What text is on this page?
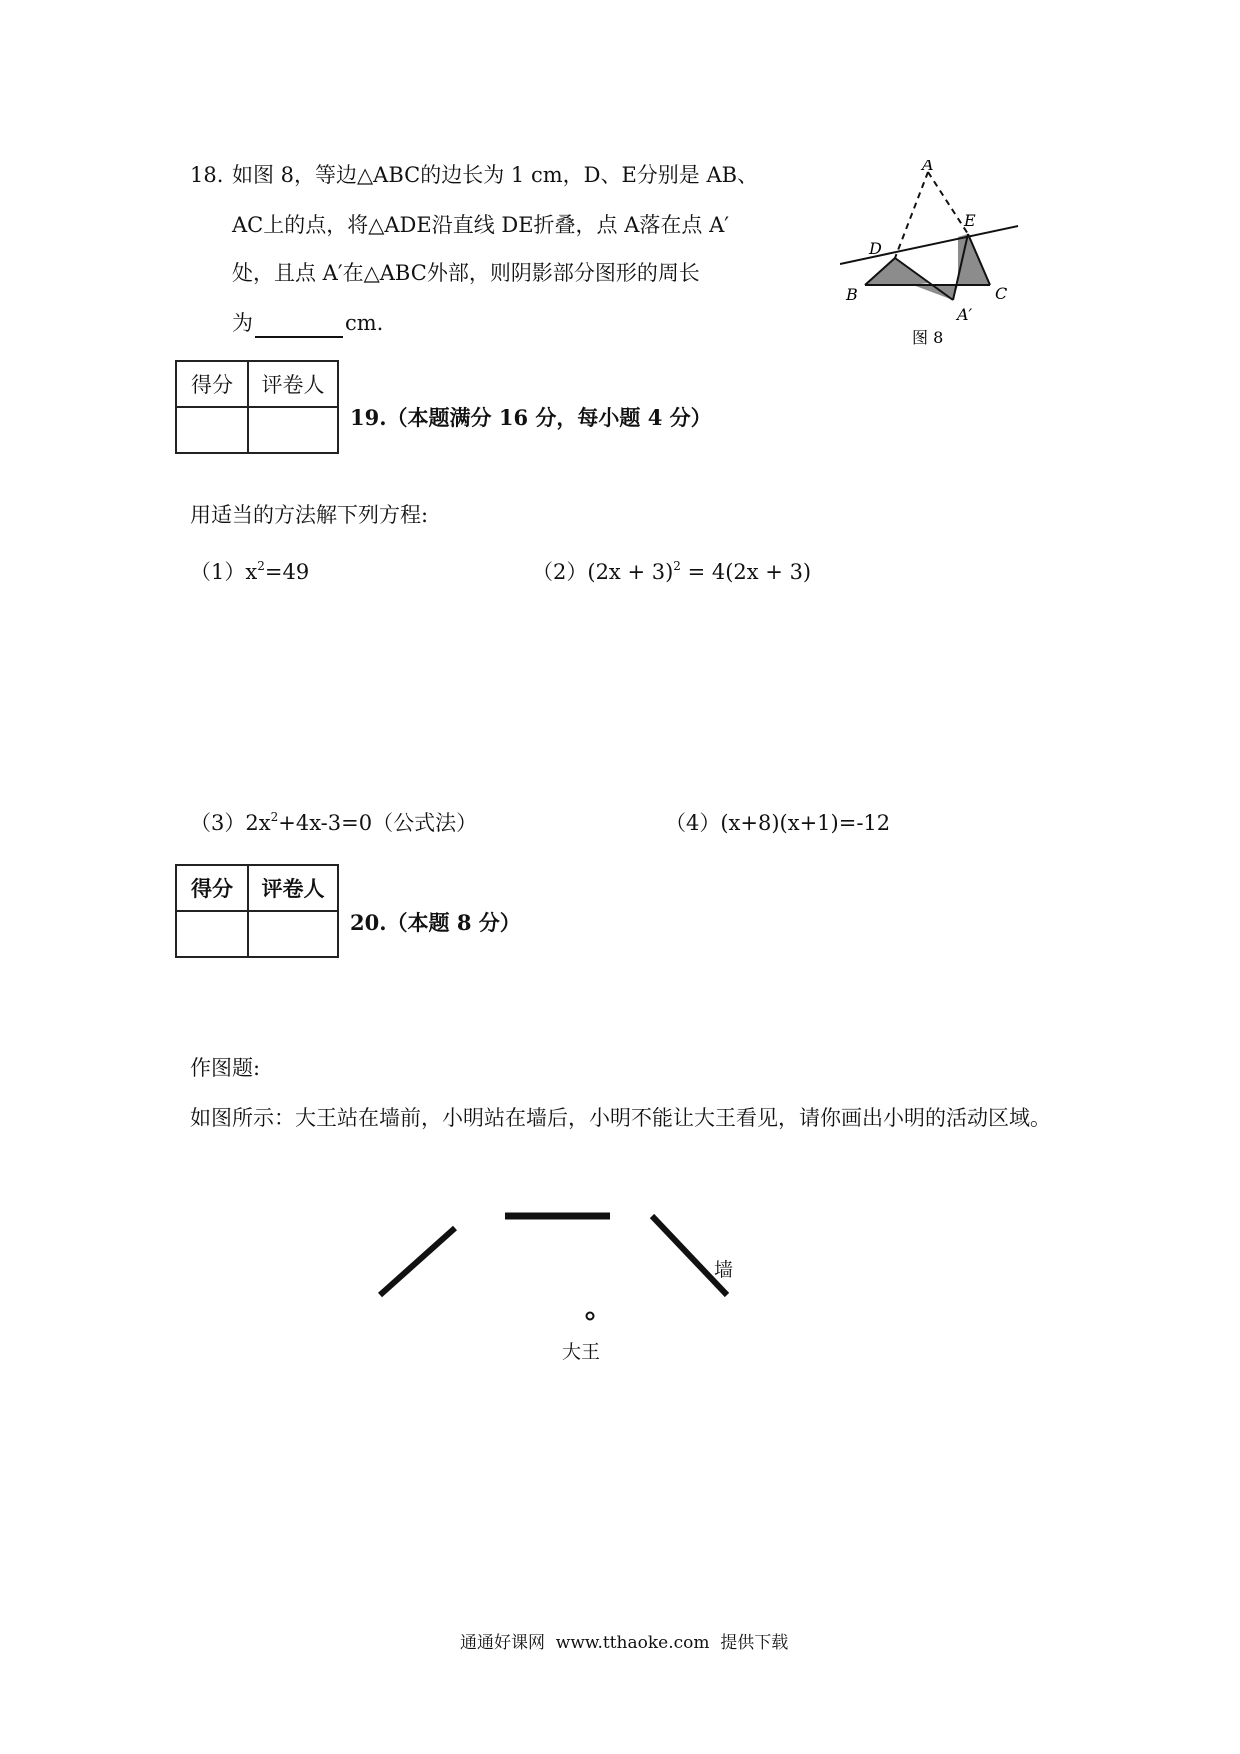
18. 如图 8，等边△ABC的边长为 1 cm，D、E分别是 AB、
AC上的点，将△ADE沿直线 DE折叠，点 A落在点 A′
处，且点 A′在△ABC外部，则阴影部分图形的周长
为	cm.
A
B	C
D
E
A′
图 8
得分	评卷人

19.（本题满分 16 分，每小题 4 分）
用适当的方法解下列方程:
$(1)x^2=49$	$(2)(2x + 3)^2 = 4(2x + 3)$
$(3)2x^2+4x-3=0$（公式法）	（4）(x+8)(x+1)=-12
得分	评卷人

20.（本题 8 分）
作图题:
如图所示：大王站在墙前，小明站在墙后，小明不能让大王看见，请你画出小明的活动区域。
墙
大王
通通好课网  www.tthaoke.com  提供下载
